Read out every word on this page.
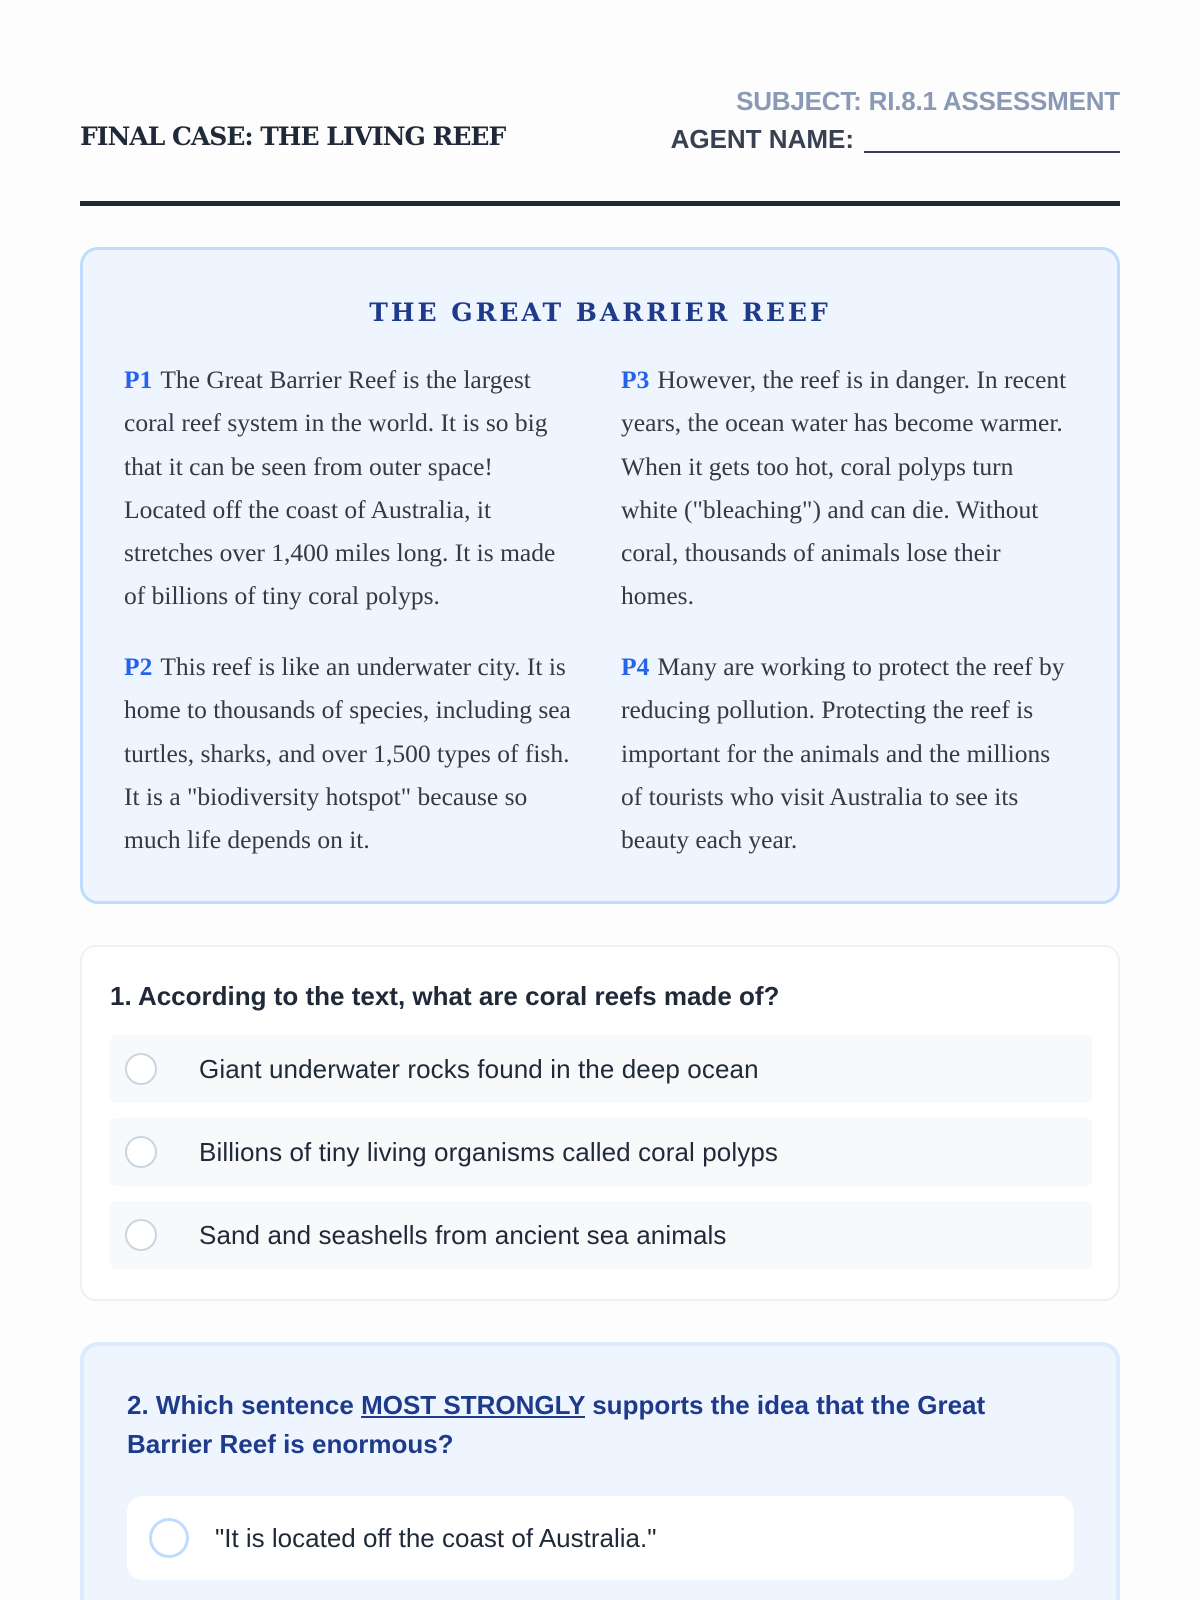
FINAL CASE: THE LIVING REEF
SUBJECT: RI.8.1 ASSESSMENT
AGENT NAME:
THE GREAT BARRIER REEF
P1 The Great Barrier Reef is the largest coral reef system in the world. It is so big that it can be seen from outer space! Located off the coast of Australia, it stretches over 1,400 miles long. It is made of billions of tiny coral polyps.
P3 However, the reef is in danger. In recent years, the ocean water has become warmer. When it gets too hot, coral polyps turn white ("bleaching") and can die. Without coral, thousands of animals lose their homes.
P2 This reef is like an underwater city. It is home to thousands of species, including sea turtles, sharks, and over 1,500 types of fish. It is a "biodiversity hotspot" because so much life depends on it.
P4 Many are working to protect the reef by reducing pollution. Protecting the reef is important for the animals and the millions of tourists who visit Australia to see its beauty each year.
1. According to the text, what are coral reefs made of?
Giant underwater rocks found in the deep ocean
Billions of tiny living organisms called coral polyps
Sand and seashells from ancient sea animals
2. Which sentence MOST STRONGLY supports the idea that the Great Barrier Reef is enormous?
"It is located off the coast of Australia."
